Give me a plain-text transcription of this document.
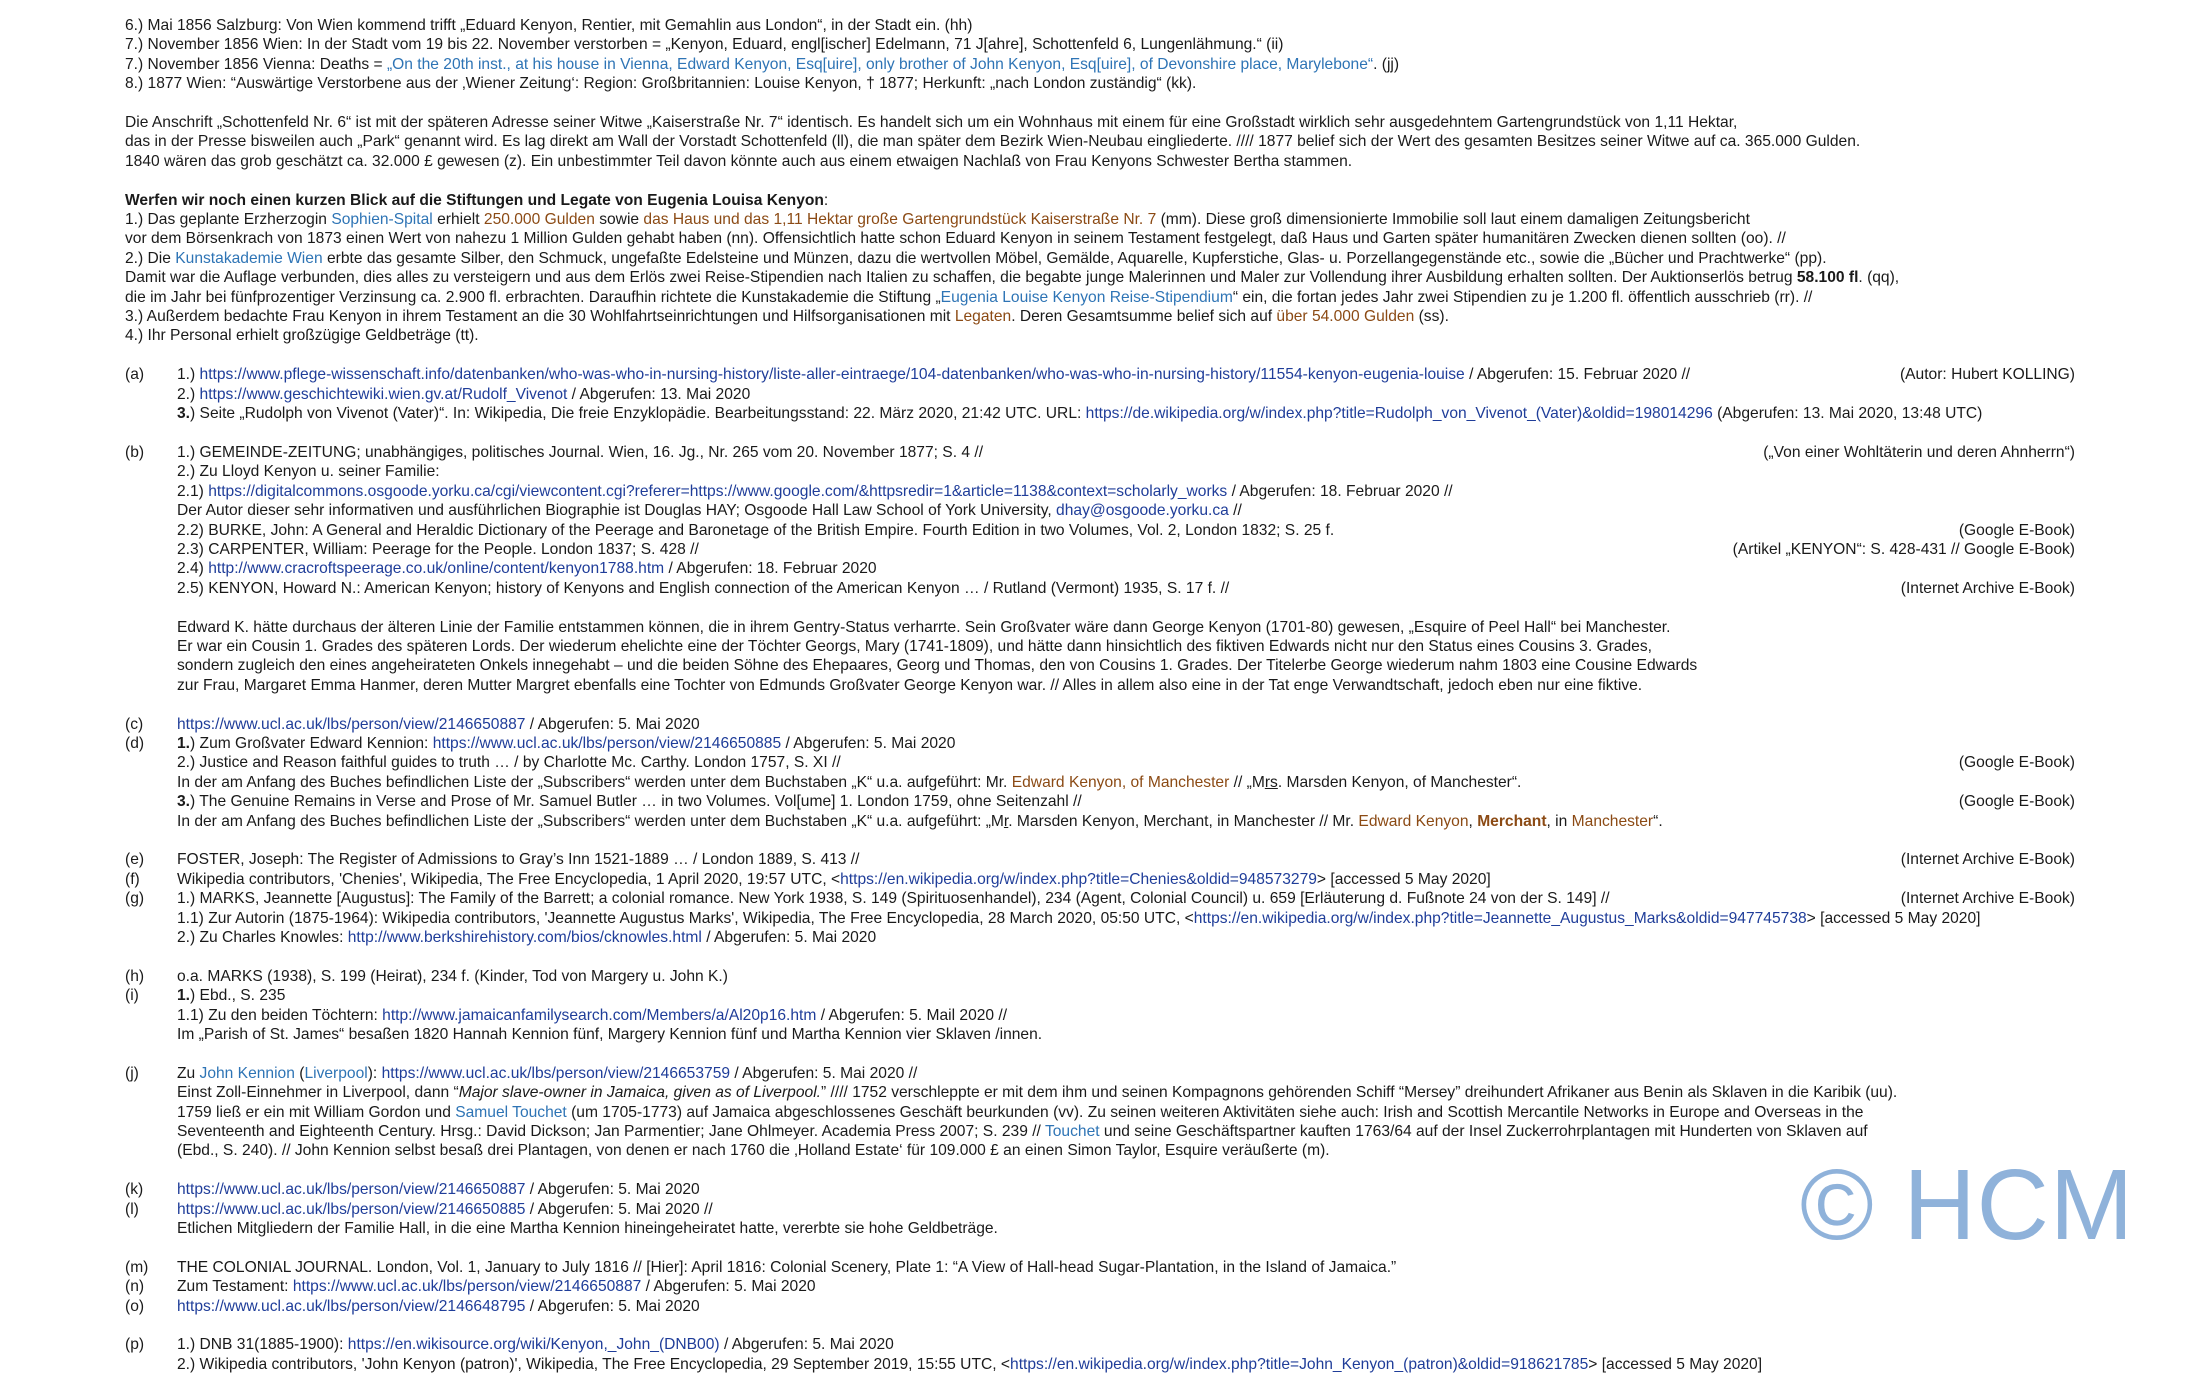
6.) Mai 1856 Salzburg: Von Wien kommend trifft „Eduard Kenyon, Rentier, mit Gemahlin aus London“, in der Stadt ein. (hh)
7.) November 1856 Wien: In der Stadt vom 19 bis 22. November verstorben = „Kenyon, Eduard, engl[ischer] Edelmann, 71 J[ahre], Schottenfeld 6, Lungenlähmung.“ (ii)
7.) November 1856 Vienna: Deaths = „On the 20th inst., at his house in Vienna, Edward Kenyon, Esq[uire], only brother of John Kenyon, Esq[uire], of Devonshire place, Marylebone“. (jj)
8.) 1877 Wien: “Auswärtige Verstorbene aus der ‚Wiener Zeitung‘: Region: Großbritannien: Louise Kenyon, † 1877; Herkunft: „nach London zuständig“ (kk).
Die Anschrift „Schottenfeld Nr. 6“ ist mit der späteren Adresse seiner Witwe „Kaiserstraße Nr. 7“ identisch. Es handelt sich um ein Wohnhaus mit einem für eine Großstadt wirklich sehr ausgedehntem Gartengrundstück von 1,11 Hektar,
das in der Presse bisweilen auch „Park“ genannt wird. Es lag direkt am Wall der Vorstadt Schottenfeld (ll), die man später dem Bezirk Wien-Neubau eingliederte. //// 1877 belief sich der Wert des gesamten Besitzes seiner Witwe auf ca. 365.000 Gulden.
1840 wären das grob geschätzt ca. 32.000 £ gewesen (z). Ein unbestimmter Teil davon könnte auch aus einem etwaigen Nachlaß von Frau Kenyons Schwester Bertha stammen.
Werfen wir noch einen kurzen Blick auf die Stiftungen und Legate von Eugenia Louisa Kenyon:
1.) Das geplante Erzherzogin Sophien-Spital erhielt 250.000 Gulden sowie das Haus und das 1,11 Hektar große Gartengrundstück Kaiserstraße Nr. 7 (mm). Diese groß dimensionierte Immobilie soll laut einem damaligen Zeitungsbericht
vor dem Börsenkrach von 1873 einen Wert von nahezu 1 Million Gulden gehabt haben (nn). Offensichtlich hatte schon Eduard Kenyon in seinem Testament festgelegt, daß Haus und Garten später humanitären Zwecken dienen sollten (oo). //
2.) Die Kunstakademie Wien erbte das gesamte Silber, den Schmuck, ungefaßte Edelsteine und Münzen, dazu die wertvollen Möbel, Gemälde, Aquarelle, Kupferstiche, Glas- u. Porzellangegenstände etc., sowie die „Bücher und Prachtwerke“ (pp).
Damit war die Auflage verbunden, dies alles zu versteigern und aus dem Erlös zwei Reise-Stipendien nach Italien zu schaffen, die begabte junge Malerinnen und Maler zur Vollendung ihrer Ausbildung erhalten sollten. Der Auktionserlös betrug 58.100 fl. (qq),
die im Jahr bei fünfprozentiger Verzinsung ca. 2.900 fl. erbrachten. Daraufhin richtete die Kunstakademie die Stiftung „Eugenia Louise Kenyon Reise-Stipendium“ ein, die fortan jedes Jahr zwei Stipendien zu je 1.200 fl. öffentlich ausschrieb (rr). //
3.) Außerdem bedachte Frau Kenyon in ihrem Testament an die 30 Wohlfahrtseinrichtungen und Hilfsorganisationen mit Legaten. Deren Gesamtsumme belief sich auf über 54.000 Gulden (ss).
4.) Ihr Personal erhielt großzügige Geldbeträge (tt).
(a) 1.) https://www.pflege-wissenschaft.info/datenbanken/who-was-who-in-nursing-history/liste-aller-eintraege/104-datenbanken/who-was-who-in-nursing-history/11554-kenyon-eugenia-louise / Abgerufen: 15. Februar 2020 //	(Autor: Hubert KOLLING)
2.) https://www.geschichtewiki.wien.gv.at/Rudolf_Vivenot / Abgerufen: 13. Mai 2020
3.) Seite „Rudolph von Vivenot (Vater)“. In: Wikipedia, Die freie Enzyklopädie. Bearbeitungsstand: 22. März 2020, 21:42 UTC. URL: https://de.wikipedia.org/w/index.php?title=Rudolph_von_Vivenot_(Vater)&oldid=198014296 (Abgerufen: 13. Mai 2020, 13:48 UTC)
(b) 1.) GEMEINDE-ZEITUNG; unabhängiges, politisches Journal. Wien, 16. Jg., Nr. 265 vom 20. November 1877; S. 4 //	(„Von einer Wohltäterin und deren Ahnherrn“)
2.) Zu Lloyd Kenyon u. seiner Familie:
2.1) https://digitalcommons.osgoode.yorku.ca/cgi/viewcontent.cgi?referer=https://www.google.com/&httpsredir=1&article=1138&context=scholarly_works / Abgerufen: 18. Februar 2020 //
Der Autor dieser sehr informativen und ausführlichen Biographie ist Douglas HAY; Osgoode Hall Law School of York University, dhay@osgoode.yorku.ca //
2.2) BURKE, John: A General and Heraldic Dictionary of the Peerage and Baronetage of the British Empire. Fourth Edition in two Volumes, Vol. 2, London 1832; S. 25 f.	(Google E-Book)
2.3) CARPENTER, William: Peerage for the People. London 1837; S. 428 //	(Artikel „KENYON“: S. 428-431 // Google E-Book)
2.4) http://www.cracroftspeerage.co.uk/online/content/kenyon1788.htm / Abgerufen: 18. Februar 2020
2.5) KENYON, Howard N.: American Kenyon; history of Kenyons and English connection of the American Kenyon … / Rutland (Vermont) 1935, S. 17 f. //	(Internet Archive E-Book)
Edward K. hätte durchaus der älteren Linie der Familie entstammen können, die in ihrem Gentry-Status verharrte. Sein Großvater wäre dann George Kenyon (1701-80) gewesen, „Esquire of Peel Hall“ bei Manchester.
Er war ein Cousin 1. Grades des späteren Lords. Der wiederum ehelichte eine der Töchter Georgs, Mary (1741-1809), und hätte dann hinsichtlich des fiktiven Edwards nicht nur den Status eines Cousins 3. Grades,
sondern zugleich den eines angeheirateten Onkels innegehabt – und die beiden Söhne des Ehepaares, Georg und Thomas, den von Cousins 1. Grades. Der Titelerbe George wiederum nahm 1803 eine Cousine Edwards
zur Frau, Margaret Emma Hanmer, deren Mutter Margret ebenfalls eine Tochter von Edmunds Großvater George Kenyon war. // Alles in allem also eine in der Tat enge Verwandtschaft, jedoch eben nur eine fiktive.
(c) https://www.ucl.ac.uk/lbs/person/view/2146650887 / Abgerufen: 5. Mai 2020
(d) 1.) Zum Großvater Edward Kennion: https://www.ucl.ac.uk/lbs/person/view/2146650885 / Abgerufen: 5. Mai 2020
2.) Justice and Reason faithful guides to truth … / by Charlotte Mc. Carthy. London 1757, S. XI //	(Google E-Book)
In der am Anfang des Buches befindlichen Liste der „Subscribers“ werden unter dem Buchstaben „K“ u.a. aufgeführt: Mr. Edward Kenyon, of Manchester // „Mrs. Marsden Kenyon, of Manchester“.
3.) The Genuine Remains in Verse and Prose of Mr. Samuel Butler … in two Volumes. Vol[ume] 1. London 1759, ohne Seitenzahl //	(Google E-Book)
In der am Anfang des Buches befindlichen Liste der „Subscribers“ werden unter dem Buchstaben „K“ u.a. aufgeführt: „Mr. Marsden Kenyon, Merchant, in Manchester // Mr. Edward Kenyon, Merchant, in Manchester“.
(e) FOSTER, Joseph: The Register of Admissions to Gray’s Inn 1521-1889 … / London 1889, S. 413 //	(Internet Archive E-Book)
(f) Wikipedia contributors, 'Chenies', Wikipedia, The Free Encyclopedia, 1 April 2020, 19:57 UTC, <https://en.wikipedia.org/w/index.php?title=Chenies&oldid=948573279> [accessed 5 May 2020]
(g) 1.) MARKS, Jeannette [Augustus]: The Family of the Barrett; a colonial romance. New York 1938, S. 149 (Spirituosenhandel), 234 (Agent, Colonial Council) u. 659 [Erläuterung d. Fußnote 24 von der S. 149] //	(Internet Archive E-Book)
1.1) Zur Autorin (1875-1964): Wikipedia contributors, 'Jeannette Augustus Marks', Wikipedia, The Free Encyclopedia, 28 March 2020, 05:50 UTC, <https://en.wikipedia.org/w/index.php?title=Jeannette_Augustus_Marks&oldid=947745738> [accessed 5 May 2020]
2.) Zu Charles Knowles: http://www.berkshirehistory.com/bios/cknowles.html / Abgerufen: 5. Mai 2020
(h) o.a. MARKS (1938), S. 199 (Heirat), 234 f. (Kinder, Tod von Margery u. John K.)
(i) 1.) Ebd., S. 235
1.1) Zu den beiden Töchtern: http://www.jamaicanfamilysearch.com/Members/a/Al20p16.htm / Abgerufen: 5. Mail 2020 //
Im „Parish of St. James“ besaßen 1820 Hannah Kennion fünf, Margery Kennion fünf und Martha Kennion vier Sklaven /innen.
(j) Zu John Kennion (Liverpool): https://www.ucl.ac.uk/lbs/person/view/2146653759 / Abgerufen: 5. Mai 2020 //
Einst Zoll-Einnehmer in Liverpool, dann “Major slave-owner in Jamaica, given as of Liverpool.” //// 1752 verschleppte er mit dem ihm und seinen Kompagnons gehörenden Schiff “Mersey” dreihundert Afrikaner aus Benin als Sklaven in die Karibik (uu).
1759 ließ er ein mit William Gordon und Samuel Touchet (um 1705-1773) auf Jamaica abgeschlossenes Geschäft beurkunden (vv). Zu seinen weiteren Aktivitäten siehe auch: Irish and Scottish Mercantile Networks in Europe and Overseas in the
Seventeenth and Eighteenth Century. Hrsg.: David Dickson; Jan Parmentier; Jane Ohlmeyer. Academia Press 2007; S. 239 // Touchet und seine Geschäftspartner kauften 1763/64 auf der Insel Zuckerrohrplantagen mit Hunderten von Sklaven auf
(Ebd., S. 240). // John Kennion selbst besaß drei Plantagen, von denen er nach 1760 die ‚Holland Estate‘ für 109.000 £ an einen Simon Taylor, Esquire veräußerte (m).
(k) https://www.ucl.ac.uk/lbs/person/view/2146650887 / Abgerufen: 5. Mai 2020
(l) https://www.ucl.ac.uk/lbs/person/view/2146650885 / Abgerufen: 5. Mai 2020 //
Etlichen Mitgliedern der Familie Hall, in die eine Martha Kennion hineingeheiratet hatte, vererbte sie hohe Geldbeträge.
(m) THE COLONIAL JOURNAL. London, Vol. 1, January to July 1816 // [Hier]: April 1816: Colonial Scenery, Plate 1: “A View of Hall-head Sugar-Plantation, in the Island of Jamaica.”
(n) Zum Testament: https://www.ucl.ac.uk/lbs/person/view/2146650887 / Abgerufen: 5. Mai 2020
(o) https://www.ucl.ac.uk/lbs/person/view/2146648795 / Abgerufen: 5. Mai 2020
(p) 1.) DNB 31(1885-1900): https://en.wikisource.org/wiki/Kenyon,_John_(DNB00) / Abgerufen: 5. Mai 2020
2.) Wikipedia contributors, 'John Kenyon (patron)', Wikipedia, The Free Encyclopedia, 29 September 2019, 15:55 UTC, <https://en.wikipedia.org/w/index.php?title=John_Kenyon_(patron)&oldid=918621785> [accessed 5 May 2020]
© HCM
